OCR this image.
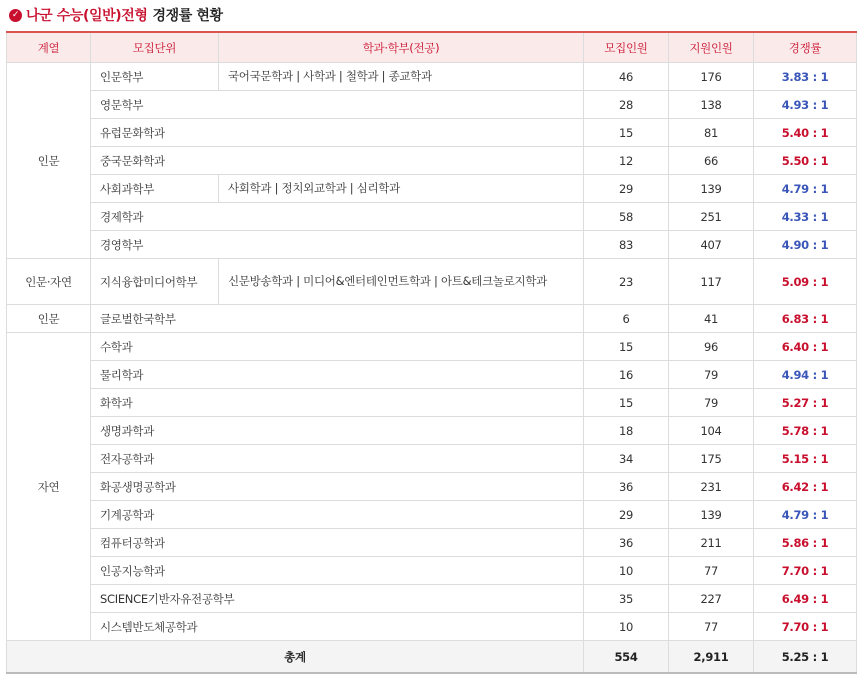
✓ 나군 수능(일반)전형 경쟁률 현황
계열	모집단위	학과·학부(전공)	모집인원	지원인원	경쟁률
인문	인문학부	국어국문학과 | 사학과 | 철학과 | 종교학과	46	176	3.83 : 1
	영문학부		28	138	4.93 : 1
	유럽문화학과		15	81	5.40 : 1
	중국문화학과		12	66	5.50 : 1
	사회과학부	사회학과 | 정치외교학과 | 심리학과	29	139	4.79 : 1
	경제학과		58	251	4.33 : 1
	경영학부		83	407	4.90 : 1
인문·자연	지식융합미디어학부	신문방송학과 | 미디어&엔터테인먼트학과 | 아트&테크놀로지학과	23	117	5.09 : 1
인문	글로벌한국학부		6	41	6.83 : 1
자연	수학과		15	96	6.40 : 1
	물리학과		16	79	4.94 : 1
	화학과		15	79	5.27 : 1
	생명과학과		18	104	5.78 : 1
	전자공학과		34	175	5.15 : 1
	화공생명공학과		36	231	6.42 : 1
	기계공학과		29	139	4.79 : 1
	컴퓨터공학과		36	211	5.86 : 1
	인공지능학과		10	77	7.70 : 1
	SCIENCE기반자유전공학부		35	227	6.49 : 1
	시스템반도체공학과		10	77	7.70 : 1
총계			554	2,911	5.25 : 1
